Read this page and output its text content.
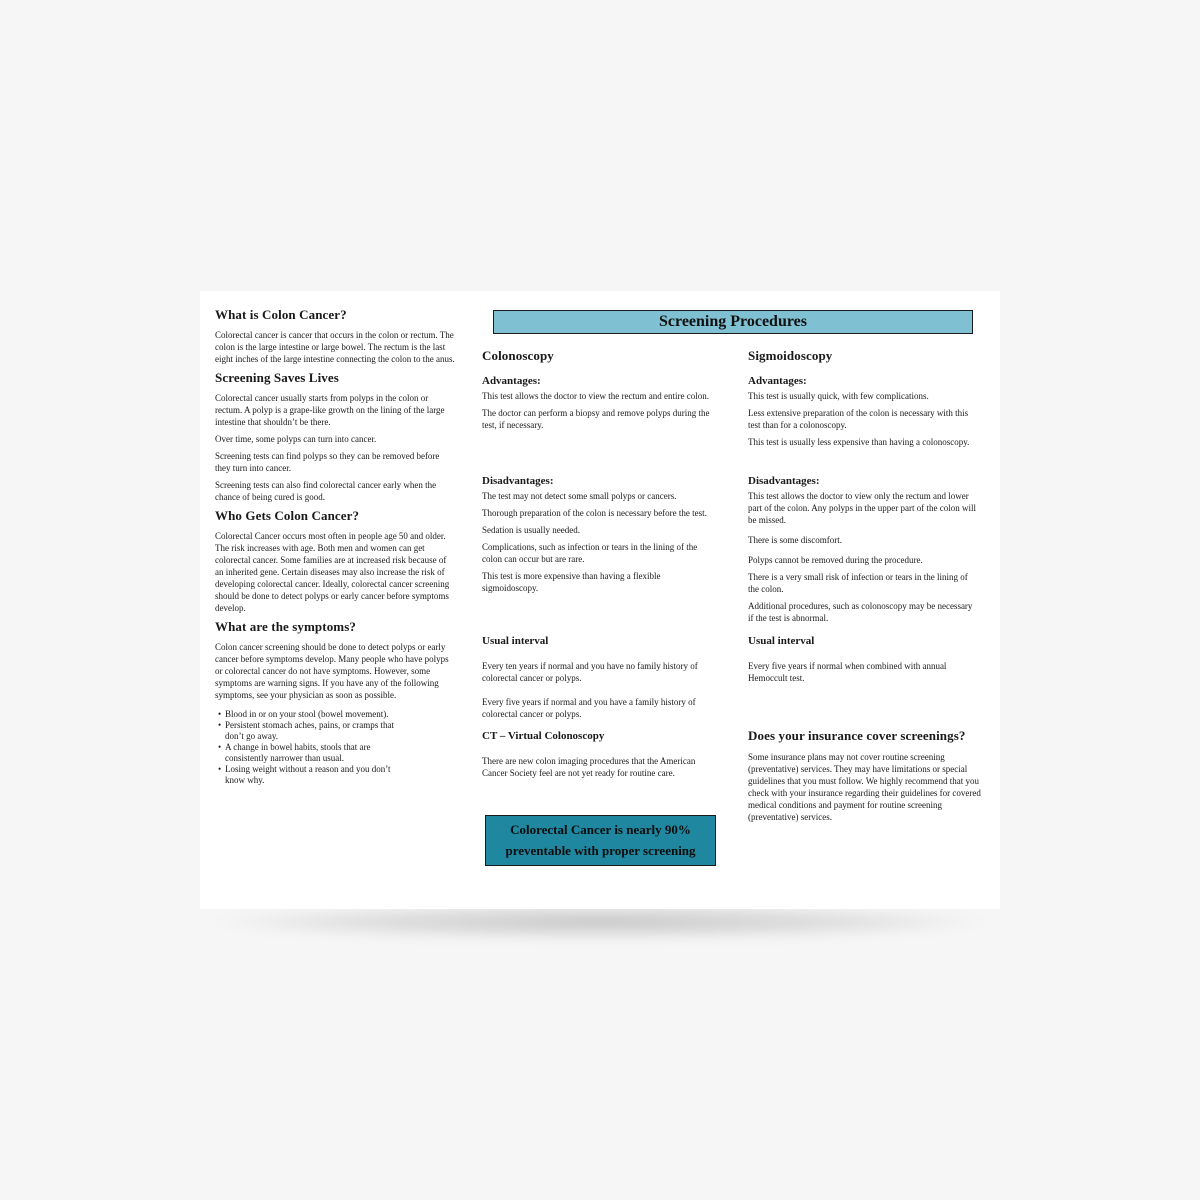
What is Colon Cancer?

Colorectal cancer is cancer that occurs in the colon or rectum. The colon is the large intestine or large bowel. The rectum is the last eight inches of the large intestine connecting the colon to the anus.

Screening Saves Lives

Colorectal cancer usually starts from polyps in the colon or rectum. A polyp is a grape-like growth on the lining of the large intestine that shouldn’t be there.

Over time, some polyps can turn into cancer.

Screening tests can find polyps so they can be removed before they turn into cancer.

Screening tests can also find colorectal cancer early when the chance of being cured is good.

Who Gets Colon Cancer?

Colorectal Cancer occurs most often in people age 50 and older. The risk increases with age. Both men and women can get colorectal cancer. Some families are at increased risk because of an inherited gene. Certain diseases may also increase the risk of developing colorectal cancer. Ideally, colorectal cancer screening should be done to detect polyps or early cancer before symptoms develop.

What are the symptoms?

Colon cancer screening should be done to detect polyps or early cancer before symptoms develop. Many people who have polyps or colorectal cancer do not have symptoms. However, some symptoms are warning signs. If you have any of the following symptoms, see your physician as soon as possible.

• Blood in or on your stool (bowel movement).
• Persistent stomach aches, pains, or cramps that don’t go away.
• A change in bowel habits, stools that are consistently narrower than usual.
• Losing weight without a reason and you don’t know why.
Screening Procedures
Colonoscopy
Advantages:

This test allows the doctor to view the rectum and entire colon.

The doctor can perform a biopsy and remove polyps during the test, if necessary.

Disadvantages:

The test may not detect some small polyps or cancers.

Thorough preparation of the colon is necessary before the test.

Sedation is usually needed.

Complications, such as infection or tears in the lining of the colon can occur but are rare.

This test is more expensive than having a flexible sigmoidoscopy.

Usual interval

Every ten years if normal and you have no family history of colorectal cancer or polyps.

Every five years if normal and you have a family history of colorectal cancer or polyps.

CT – Virtual Colonoscopy

There are new colon imaging procedures that the American Cancer Society feel are not yet ready for routine care.

Colorectal Cancer is nearly 90%
preventable with proper screening
Sigmoidoscopy
Advantages:

This test is usually quick, with few complications.

Less extensive preparation of the colon is necessary with this test than for a colonoscopy.

This test is usually less expensive than having a colonoscopy.

Disadvantages:

This test allows the doctor to view only the rectum and lower part of the colon. Any polyps in the upper part of the colon will be missed.

There is some discomfort.

Polyps cannot be removed during the procedure.

There is a very small risk of infection or tears in the lining of the colon.

Additional procedures, such as colonoscopy may be necessary if the test is abnormal.

Usual interval

Every five years if normal when combined with annual Hemoccult test.

Does your insurance cover screenings?

Some insurance plans may not cover routine screening (preventative) services. They may have limitations or special guidelines that you must follow. We highly recommend that you check with your insurance regarding their guidelines for covered medical conditions and payment for routine screening (preventative) services.
